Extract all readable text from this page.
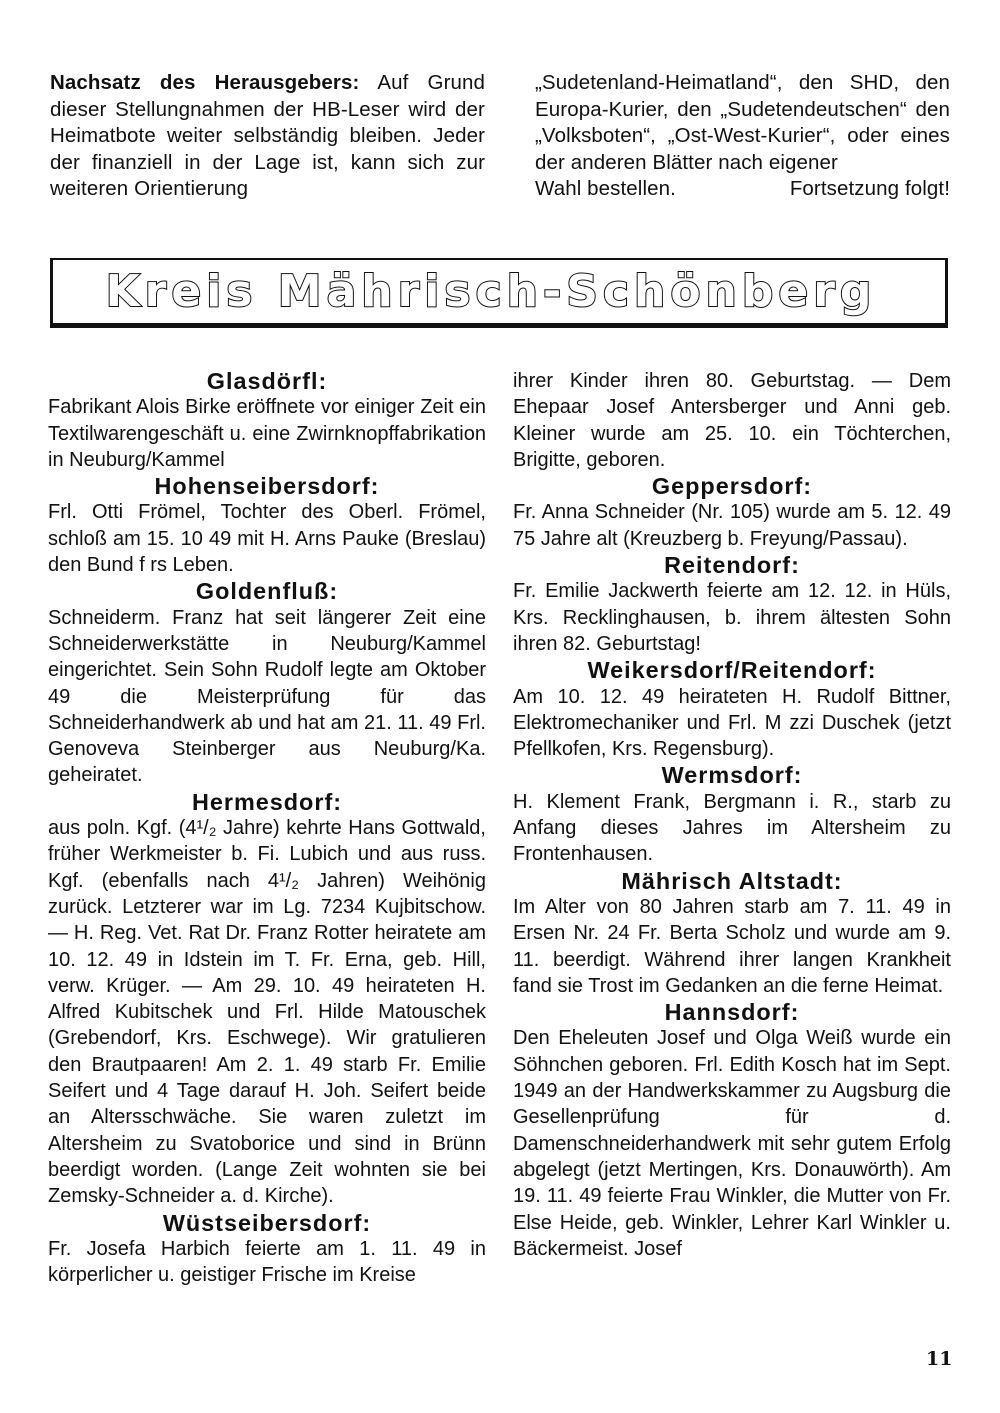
Nachsatz des Herausgebers: Auf Grund dieser Stellungnahmen der HB-Leser wird der Heimatbote weiter selbständig bleiben. Jeder der finanziell in der Lage ist, kann sich zur weiteren Orientierung

„Sudetenland-Heimatland“, den SHD, den Europa-Kurier, den „Sudetendeutschen“ den „Volksboten“, „Ost-West-Kurier“, oder eines der anderen Blätter nach eigener

Wahl bestellen.	Fortsetzung folgt!

Kreis Mährisch-Schönberg
Glasdörfl:

Fabrikant Alois Birke eröffnete vor einiger Zeit ein Textilwarengeschäft u. eine Zwirnknopffabrikation in Neuburg/Kammel

Hohenseibersdorf:

Frl. Otti Frömel, Tochter des Oberl. Frömel, schloß am 15. 10 49 mit H. Arns Pauke (Breslau) den Bund f rs Leben.

Goldenfluß:

Schneiderm. Franz hat seit längerer Zeit eine Schneiderwerkstätte in Neuburg/Kammel eingerichtet. Sein Sohn Rudolf legte am Oktober 49 die Meisterprüfung für das Schneiderhandwerk ab und hat am 21. 11. 49 Frl. Genoveva Steinberger aus Neuburg/Ka. geheiratet.

Hermesdorf:

aus poln. Kgf. (4¹/₂ Jahre) kehrte Hans Gottwald, früher Werkmeister b. Fi. Lubich und aus russ. Kgf. (ebenfalls nach 4¹/₂ Jahren) Weihönig zurück. Letzterer war im Lg. 7234 Kujbitschow. — H. Reg. Vet. Rat Dr. Franz Rotter heiratete am 10. 12. 49 in Idstein im T. Fr. Erna, geb. Hill, verw. Krüger. — Am 29. 10. 49 heirateten H. Alfred Kubitschek und Frl. Hilde Matouschek (Grebendorf, Krs. Eschwege). Wir gratulieren den Brautpaaren! Am 2. 1. 49 starb Fr. Emilie Seifert und 4 Tage darauf H. Joh. Seifert beide an Altersschwäche. Sie waren zuletzt im Altersheim zu Svatoborice und sind in Brünn beerdigt worden. (Lange Zeit wohnten sie bei Zemsky-Schneider a. d. Kirche).

Wüstseibersdorf:

Fr. Josefa Harbich feierte am 1. 11. 49 in körperlicher u. geistiger Frische im Kreise

ihrer Kinder ihren 80. Geburtstag. — Dem Ehepaar Josef Antersberger und Anni geb. Kleiner wurde am 25. 10. ein Töchterchen, Brigitte, geboren.

Geppersdorf:

Fr. Anna Schneider (Nr. 105) wurde am 5. 12. 49 75 Jahre alt (Kreuzberg b. Freyung/Passau).

Reitendorf:

Fr. Emilie Jackwerth feierte am 12. 12. in Hüls, Krs. Recklinghausen, b. ihrem ältesten Sohn ihren 82. Geburtstag!

Weikersdorf/Reitendorf:

Am 10. 12. 49 heirateten H. Rudolf Bittner, Elektromechaniker und Frl. M zzi Duschek (jetzt Pfellkofen, Krs. Regensburg).

Wermsdorf:

H. Klement Frank, Bergmann i. R., starb zu Anfang dieses Jahres im Altersheim zu Frontenhausen.

Mährisch Altstadt:

Im Alter von 80 Jahren starb am 7. 11. 49 in Ersen Nr. 24 Fr. Berta Scholz und wurde am 9. 11. beerdigt. Während ihrer langen Krankheit fand sie Trost im Gedanken an die ferne Heimat.

Hannsdorf:

Den Eheleuten Josef und Olga Weiß wurde ein Söhnchen geboren. Frl. Edith Kosch hat im Sept. 1949 an der Handwerkskammer zu Augsburg die Gesellenprüfung für d. Damenschneiderhandwerk mit sehr gutem Erfolg abgelegt (jetzt Mertingen, Krs. Donauwörth). Am 19. 11. 49 feierte Frau Winkler, die Mutter von Fr. Else Heide, geb. Winkler, Lehrer Karl Winkler u. Bäckermeist. Josef

11
